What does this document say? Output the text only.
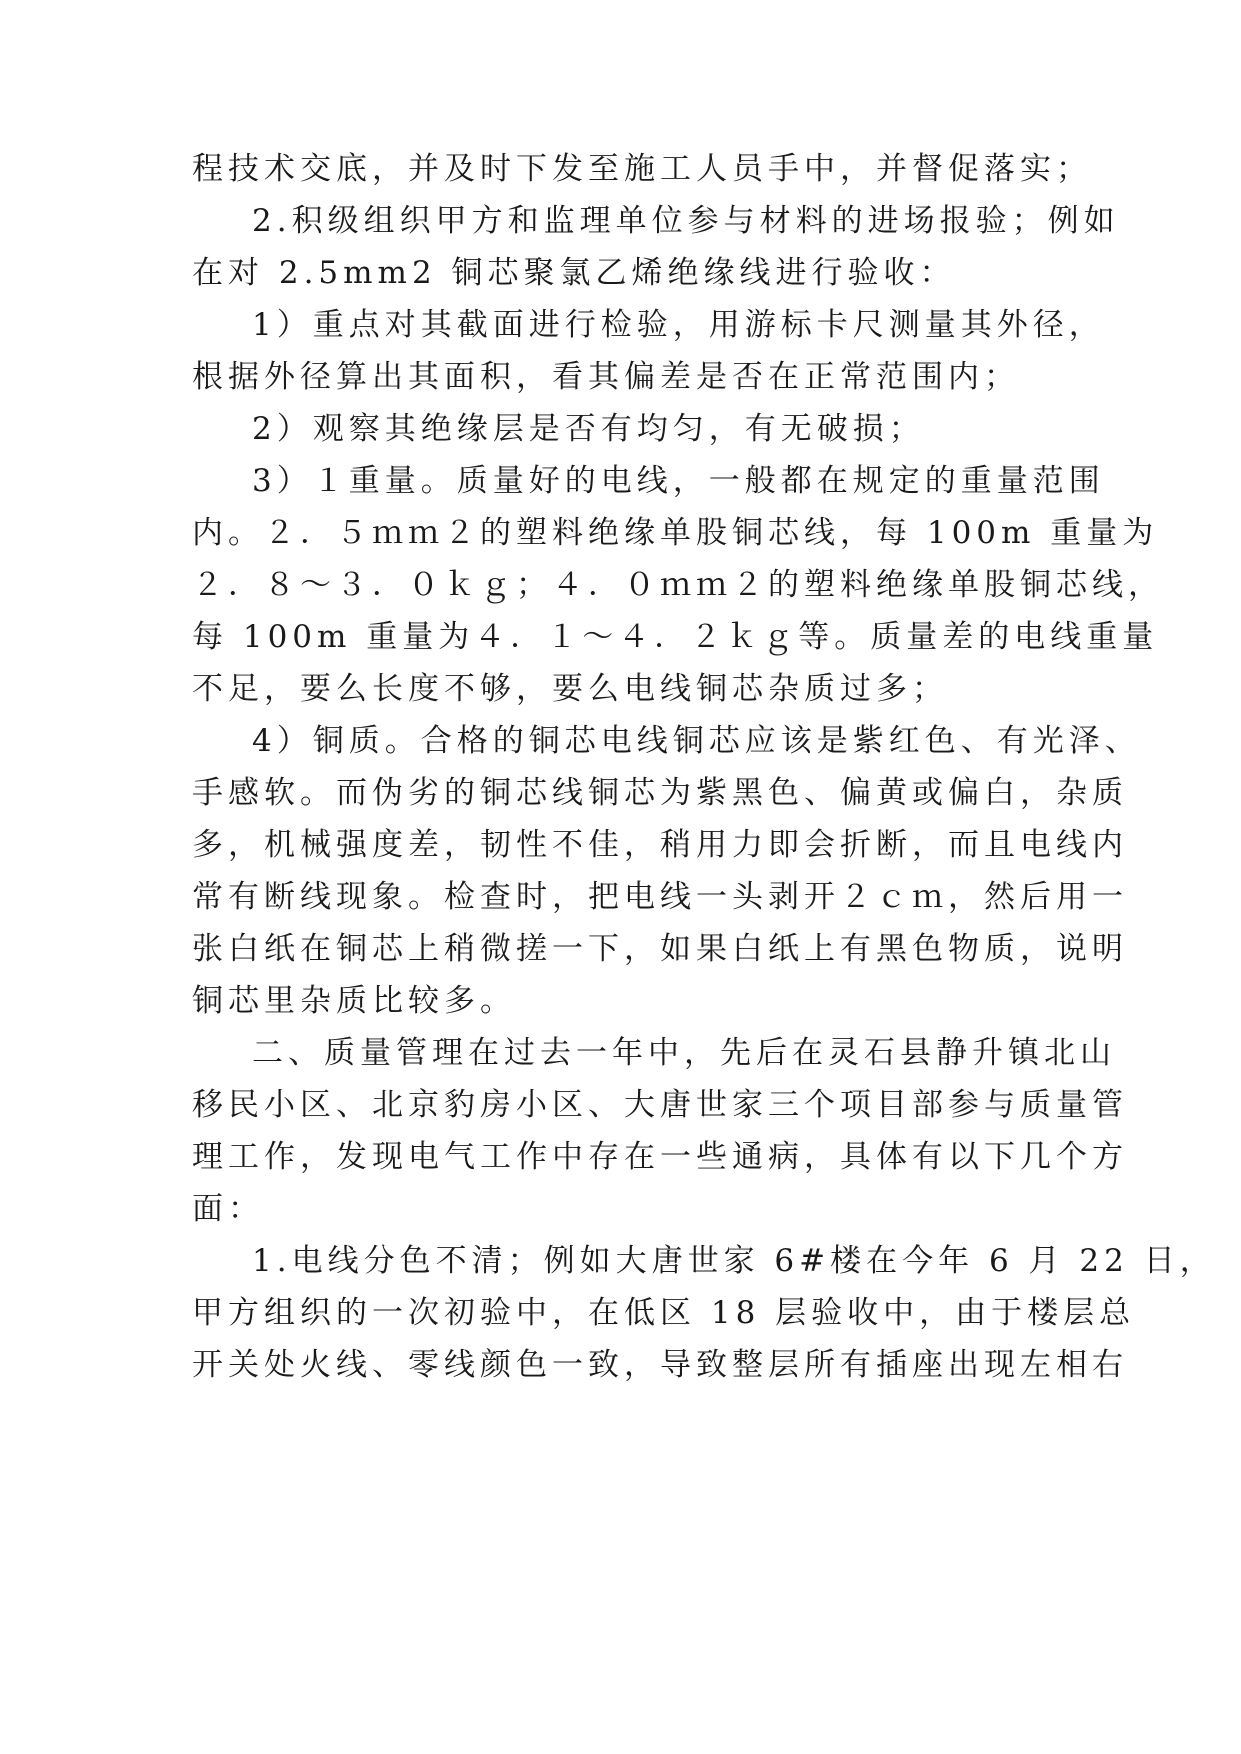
程技术交底，并及时下发至施工人员手中，并督促落实；
2.积级组织甲方和监理单位参与材料的进场报验；例如
在对 2.5mm2 铜芯聚氯乙烯绝缘线进行验收：
1）重点对其截面进行检验，用游标卡尺测量其外径，
根据外径算出其面积，看其偏差是否在正常范围内；
2）观察其绝缘层是否有均匀，有无破损；
3）１重量。质量好的电线，一般都在规定的重量范围
内。２．５ｍｍ２的塑料绝缘单股铜芯线，每 100m 重量为
２．８～３．０ｋｇ；４．０ｍｍ２的塑料绝缘单股铜芯线，
每 100m 重量为４．１～４．２ｋｇ等。质量差的电线重量
不足，要么长度不够，要么电线铜芯杂质过多；
4）铜质。合格的铜芯电线铜芯应该是紫红色、有光泽、
手感软。而伪劣的铜芯线铜芯为紫黑色、偏黄或偏白，杂质
多，机械强度差，韧性不佳，稍用力即会折断，而且电线内
常有断线现象。检查时，把电线一头剥开２ｃｍ，然后用一
张白纸在铜芯上稍微搓一下，如果白纸上有黑色物质，说明
铜芯里杂质比较多。
二、质量管理在过去一年中，先后在灵石县静升镇北山
移民小区、北京豹房小区、大唐世家三个项目部参与质量管
理工作，发现电气工作中存在一些通病，具体有以下几个方
面：
1.电线分色不清；例如大唐世家 6#楼在今年 6 月 22 日，
甲方组织的一次初验中，在低区 18 层验收中，由于楼层总
开关处火线、零线颜色一致，导致整层所有插座出现左相右
